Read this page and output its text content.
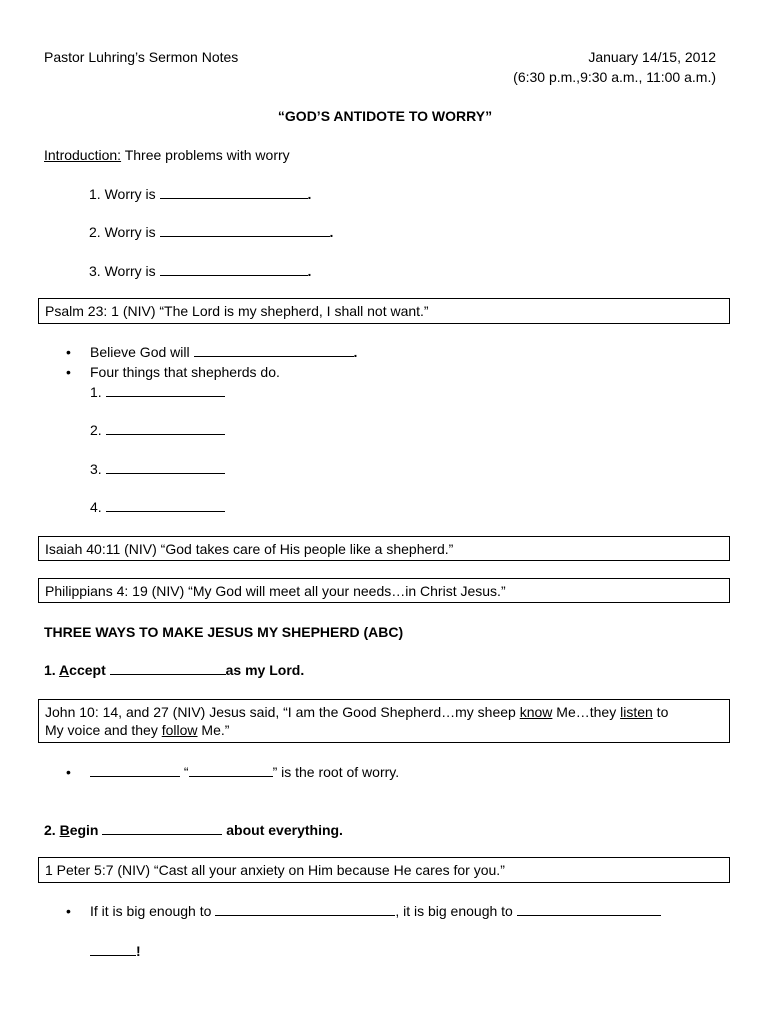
Pastor Luhring’s Sermon Notes	January 14/15, 2012
(6:30 p.m.,9:30 a.m., 11:00 a.m.)
“GOD’S ANTIDOTE TO WORRY”
Introduction: Three problems with worry
1. Worry is	.
2. Worry is	.
3. Worry is	.
Psalm 23: 1 (NIV) “The Lord is my shepherd, I shall not want.”
• Believe God will	.
• Four things that shepherds do.
1.
2.
3.
4.
Isaiah 40:11 (NIV) “God takes care of His people like a shepherd.”
Philippians 4: 19 (NIV) “My God will meet all your needs…in Christ Jesus.”
THREE WAYS TO MAKE JESUS MY SHEPHERD (ABC)
1. Accept	as my Lord.
John 10: 14, and 27 (NIV) Jesus said, “I am the Good Shepherd…my sheep know Me…they listen to
My voice and they follow Me.”
•	“	” is the root of worry.
2. Begin	about everything.
1 Peter 5:7 (NIV) “Cast all your anxiety on Him because He cares for you.”
• If it is big enough to	, it is big enough to
!
